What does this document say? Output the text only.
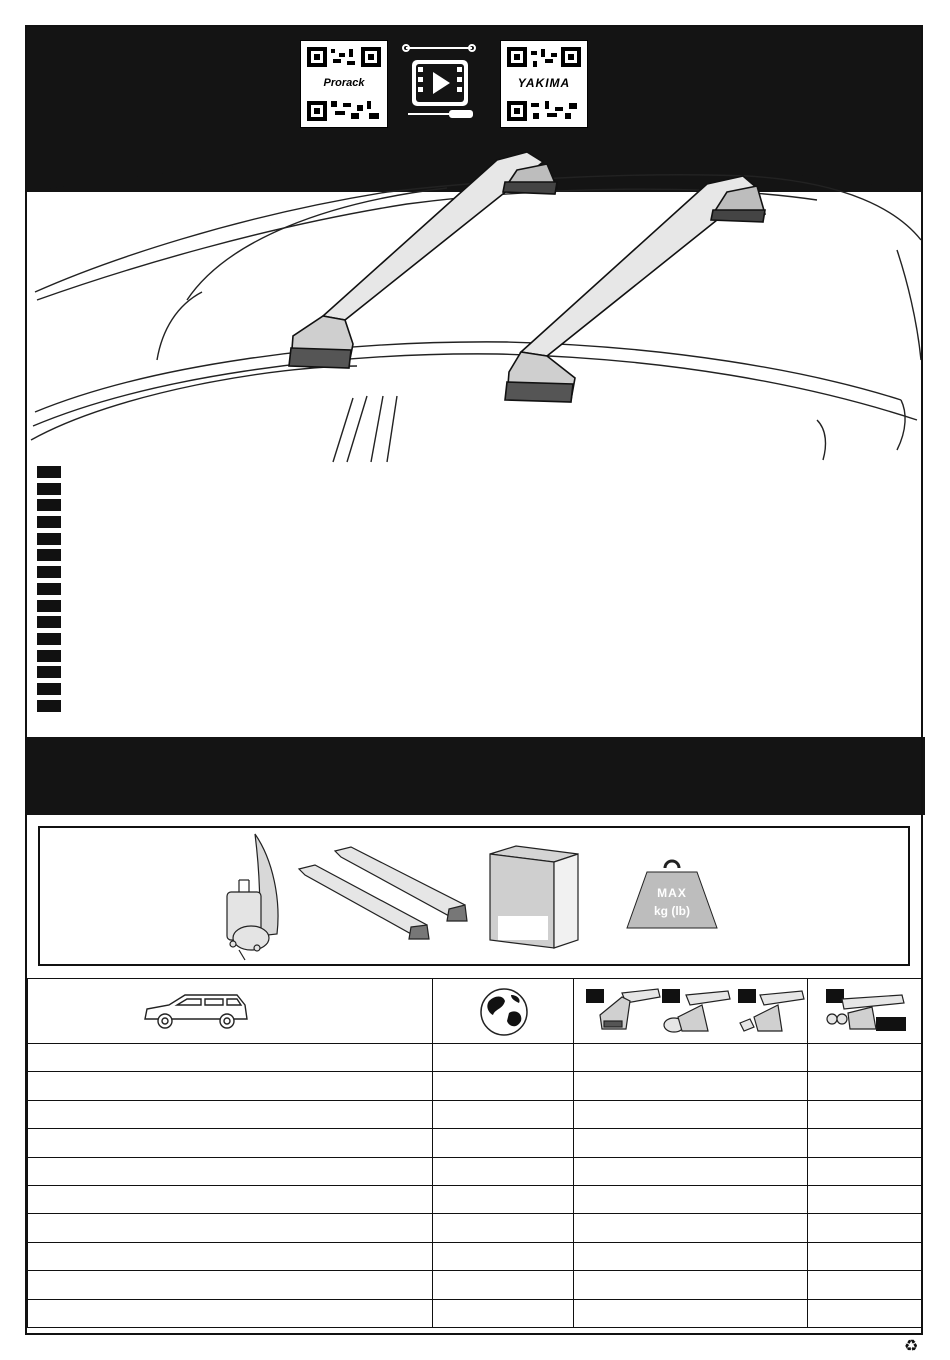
Prorack	YAKIMA
MAX
kg (lb)

♻
